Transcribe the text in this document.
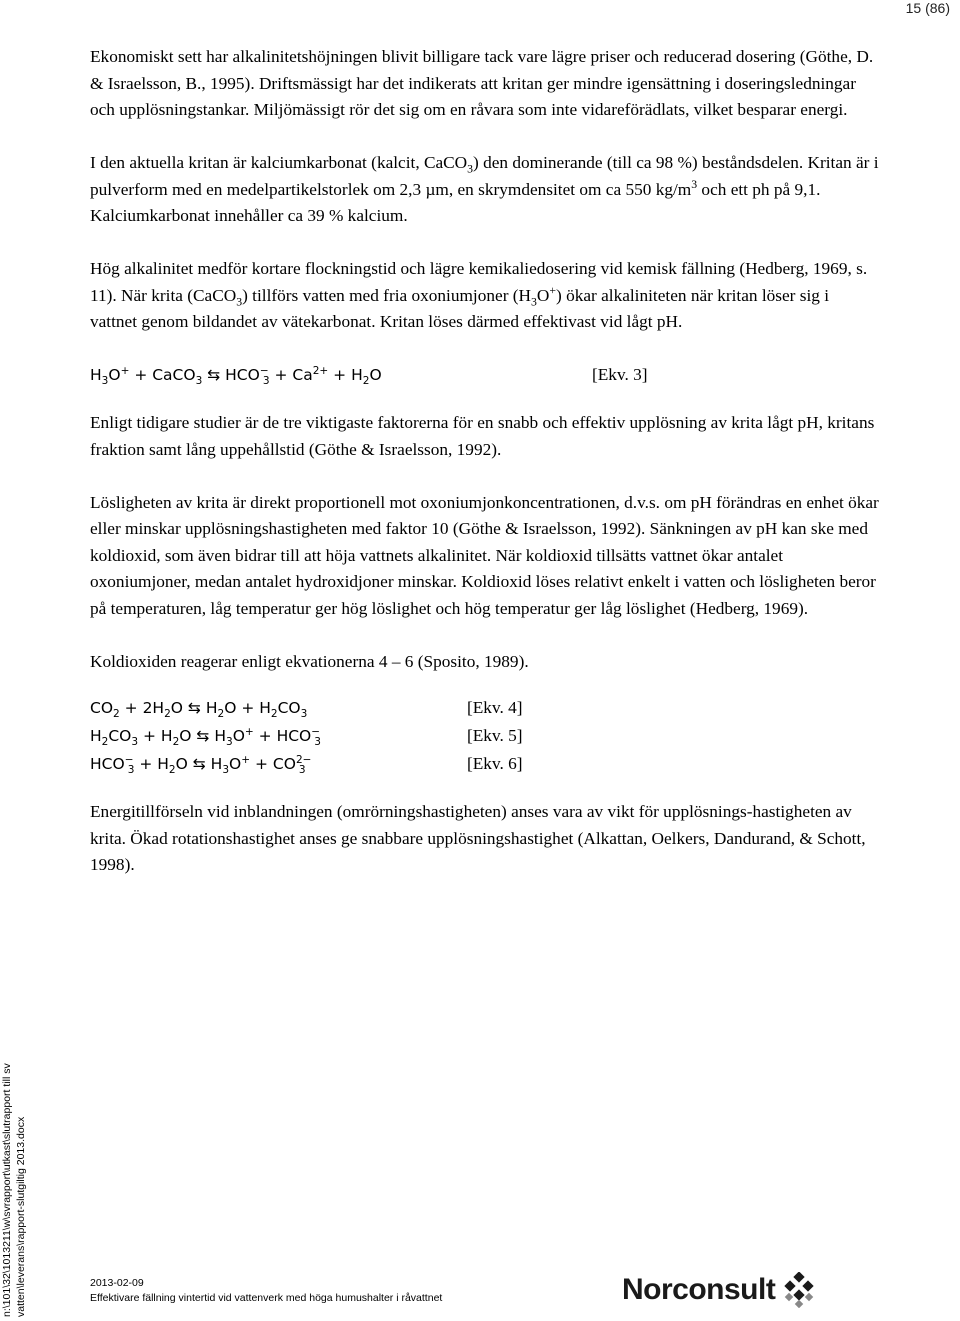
15 (86)

Ekonomiskt sett har alkalinitetshöjningen blivit billigare tack vare lägre priser och reducerad dosering (Göthe, D. & Israelsson, B., 1995). Driftsmässigt har det indikerats att kritan ger mindre igensättning i doseringsledningar och upplösningstankar. Miljömässigt rör det sig om en råvara som inte vidareförädlats, vilket besparar energi.

I den aktuella kritan är kalciumkarbonat (kalcit, CaCO$_3$) den dominerande (till ca 98 %) beståndsdelen. Kritan är i pulverform med en medelpartikelstorlek om 2,3 µm, en skrymdensitet om ca 550 $kg/m^3$ och ett ph på 9,1. Kalciumkarbonat innehåller ca 39 % kalcium.

Hög alkalinitet medför kortare flockningstid och lägre kemikaliedosering vid kemisk fällning (Hedberg, 1969, s. 11). När krita (CaCO$_3$) tillförs vatten med fria oxoniumjoner $(H_3O^+)$ ökar alkaliniteten när kritan löser sig i vattnet genom bildandet av vätekarbonat. Kritan löses därmed effektivast vid lågt pH.

$H_3O^+$ + CaCO$_3$ ⇆ $HCO^-_3 + Ca^{2+} + H_2O$	[Ekv. 3]

Enligt tidigare studier är de tre viktigaste faktorerna för en snabb och effektiv upplösning av krita lågt pH, kritans fraktion samt lång uppehållstid (Göthe & Israelsson, 1992).

Lösligheten av krita är direkt proportionell mot oxoniumjonkoncentrationen, d.v.s. om pH förändras en enhet ökar eller minskar upplösningshastigheten med faktor 10 (Göthe & Israelsson, 1992). Sänkningen av pH kan ske med koldioxid, som även bidrar till att höja vattnets alkalinitet. När koldioxid tillsätts vattnet ökar antalet oxoniumjoner, medan antalet hydroxidjoner minskar. Koldioxid löses relativt enkelt i vatten och lösligheten beror på temperaturen, låg temperatur ger hög löslighet och hög temperatur ger låg löslighet (Hedberg, 1969).

Koldioxiden reagerar enligt ekvationerna 4 – 6 (Sposito, 1989).

$CO_2 + 2H_2O$ ⇆ $H_2O + H_2CO_3$	[Ekv. 4]
$H_2CO_3 + H_2O$ ⇆ $H_3O^+ + HCO^-_3$	[Ekv. 5]
$HCO^-_3 + H_2O$ ⇆ $H_3O^+ + CO^{2-}_3$	[Ekv. 6]

Energitillförseln vid inblandningen (omrörningshastigheten) anses vara av vikt för upplösnings-hastigheten av krita. Ökad rotationshastighet anses ge snabbare upplösningshastighet (Alkattan, Oelkers, Dandurand, & Schott, 1998).

n:\101\32\1013211\w\svrapport\utkast\slutrapport till sv vatten\leverans\rapport-slutgiltig 2013.docx	2013-02-09
Effektivare fällning vintertid vid vattenverk med höga humushalter i råvattnet	Norconsult
